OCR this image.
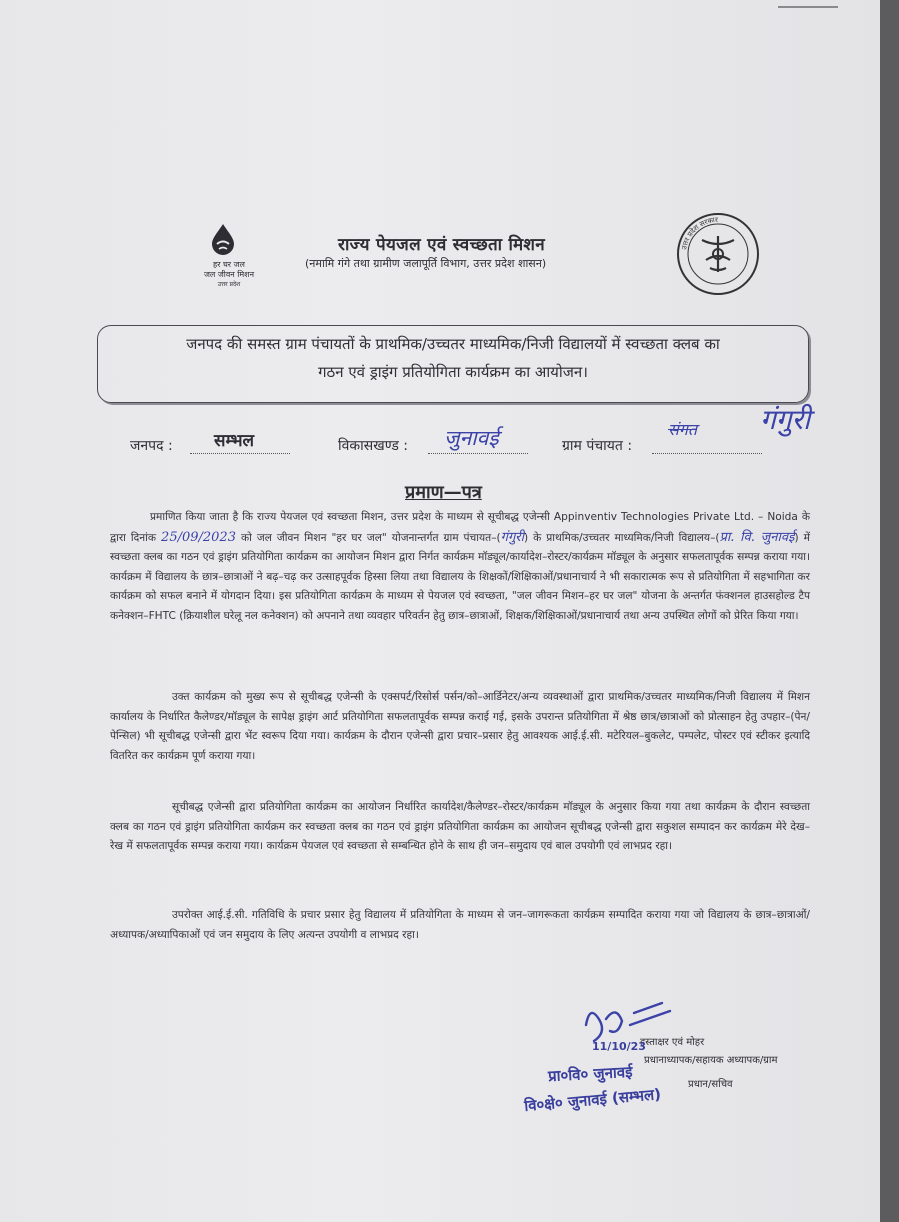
हर घर जल
जल जीवन मिशन
उत्तर प्रदेश
राज्य पेयजल एवं स्वच्छता मिशन
(नमामि गंगे तथा ग्रामीण जलापूर्ति विभाग, उत्तर प्रदेश शासन)
उत्तर प्रदेश सरकार
जनपद की समस्त ग्राम पंचायतों के प्राथमिक/उच्चतर माध्यमिक/निजी विद्यालयों में स्वच्छता क्लब का
गठन एवं ड्राइंग प्रतियोगिता कार्यक्रम का आयोजन।
जनपद : सम्भल	विकासखण्ड : जुनावई	ग्राम पंचायत :
संगत गंगुरी
प्रमाण—पत्र

प्रमाणित किया जाता है कि राज्य पेयजल एवं स्वच्छता मिशन, उत्तर प्रदेश के माध्यम से सूचीबद्ध एजेन्सी Appinventiv Technologies Private Ltd. – Noida के द्वारा दिनांक 25/09/2023 को जल जीवन मिशन "हर घर जल" योजनान्तर्गत ग्राम पंचायत–(गंगुरी) के प्राथमिक/उच्चतर माध्यमिक/निजी विद्यालय–(प्रा. वि. जुनावई) में स्वच्छता क्लब का गठन एवं ड्राइंग प्रतियोगिता कार्यक्रम का आयोजन मिशन द्वारा निर्गत कार्यक्रम मॉड्यूल/कार्यादेश–रोस्टर/कार्यक्रम मॉड्यूल के अनुसार सफलतापूर्वक सम्पन्न कराया गया। कार्यक्रम में विद्यालय के छात्र–छात्राओं ने बढ़–चढ़ कर उत्साहपूर्वक हिस्सा लिया तथा विद्यालय के शिक्षकों/शिक्षिकाओं/प्रधानाचार्य ने भी सकारात्मक रूप से प्रतियोगिता में सहभागिता कर कार्यक्रम को सफल बनाने में योगदान दिया। इस प्रतियोगिता कार्यक्रम के माध्यम से पेयजल एवं स्वच्छता, "जल जीवन मिशन–हर घर जल" योजना के अन्तर्गत फंक्शनल हाउसहोल्ड टैप कनेक्शन–FHTC (क्रियाशील घरेलू नल कनेक्शन) को अपनाने तथा व्यवहार परिवर्तन हेतु छात्र–छात्राओं, शिक्षक/शिक्षिकाओं/प्रधानाचार्य तथा अन्य उपस्थित लोगों को प्रेरित किया गया।

उक्त कार्यक्रम को मुख्य रूप से सूचीबद्ध एजेन्सी के एक्सपर्ट/रिसोर्स पर्सन/को–आर्डिनेटर/अन्य व्यवस्थाओं द्वारा प्राथमिक/उच्चतर माध्यमिक/निजी विद्यालय में मिशन कार्यालय के निर्धारित कैलेण्डर/मॉड्यूल के सापेक्ष ड्राइंग आर्ट प्रतियोगिता सफलतापूर्वक सम्पन्न कराई गई, इसके उपरान्त प्रतियोगिता में श्रेष्ठ छात्र/छात्राओं को प्रोत्साहन हेतु उपहार–(पेन/पेन्सिल) भी सूचीबद्ध एजेन्सी द्वारा भेंट स्वरूप दिया गया। कार्यक्रम के दौरान एजेन्सी द्वारा प्रचार–प्रसार हेतु आवश्यक आई.ई.सी. मटेरियल–बुकलेट, पम्पलेट, पोस्टर एवं स्टीकर इत्यादि वितरित कर कार्यक्रम पूर्ण कराया गया।

सूचीबद्ध एजेन्सी द्वारा प्रतियोगिता कार्यक्रम का आयोजन निर्धारित कार्यादेश/कैलेण्डर–रोस्टर/कार्यक्रम मॉड्यूल के अनुसार किया गया तथा कार्यक्रम के दौरान स्वच्छता क्लब का गठन एवं ड्राइंग प्रतियोगिता कार्यक्रम कर स्वच्छता क्लब का गठन एवं ड्राइंग प्रतियोगिता कार्यक्रम का आयोजन सूचीबद्ध एजेन्सी द्वारा सकुशल सम्पादन कर कार्यक्रम मेरे देख–रेख में सफलतापूर्वक सम्पन्न कराया गया। कार्यक्रम पेयजल एवं स्वच्छता से सम्बन्धित होने के साथ ही जन–समुदाय एवं बाल उपयोगी एवं लाभप्रद रहा।

उपरोक्त आई.ई.सी. गतिविधि के प्रचार प्रसार हेतु विद्यालय में प्रतियोगिता के माध्यम से जन–जागरूकता कार्यक्रम सम्पादित कराया गया जो विद्यालय के छात्र–छात्राओं/अध्यापक/अध्यापिकाओं एवं जन समुदाय के लिए अत्यन्त उपयोगी व लाभप्रद रहा।

हस्ताक्षर एवं मोहर
11/10/23
प्रधानाध्यापक/सहायक अध्यापक/ग्राम
प्रधान/सचिव
प्रा०वि० जुनावई
वि०क्षे० जुनावई (सम्भल)
